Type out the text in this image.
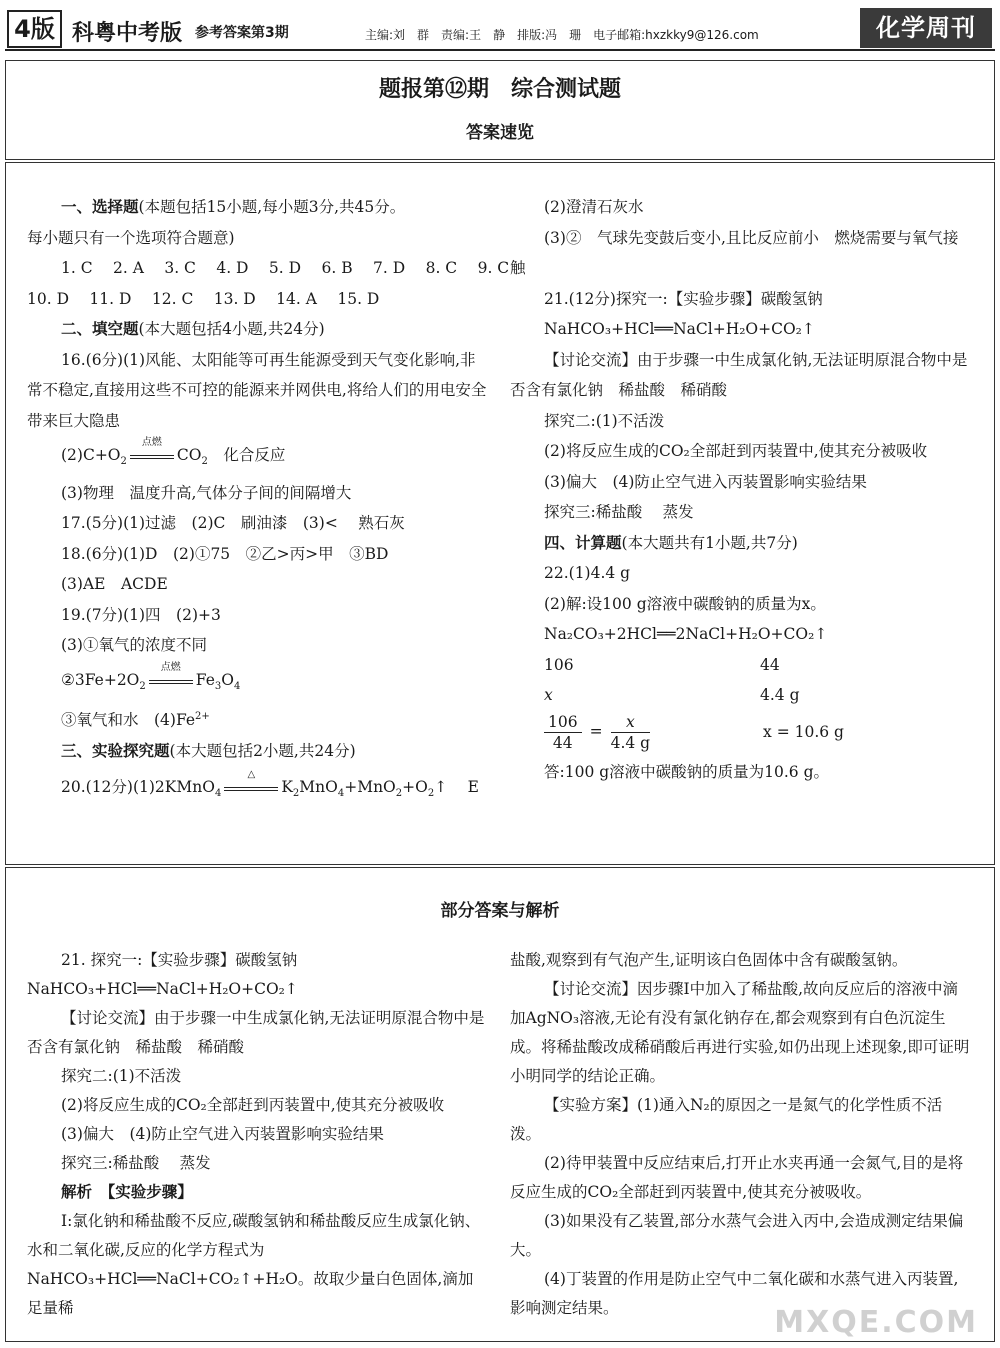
4版 科粤中考版 参考答案第3期	主编:刘　群　责编:王　静　排版:冯　珊　电子邮箱:hxzkky9@126.com	化学周刊
题报第⑫期　综合测试题
答案速览
一、选择题(本题包括15小题,每小题3分,共45分。
每小题只有一个选项符合题意)
1. C　 2. A　 3. C　 4. D　 5. D　 6. B　 7. D　 8. C　 9. C
10. D　 11. D　 12. C　 13. D　 14. A　 15. D
二、填空题(本大题包括4小题,共24分)
16.(6分)(1)风能、太阳能等可再生能源受到天气变化影响,非常不稳定,直接用这些不可控的能源来并网供电,将给人们的用电安全带来巨大隐患
$(2)C+O_2$
点燃
$CO_2$　化合反应
(3)物理　温度升高,气体分子间的间隔增大
17.(5分)(1)过滤　(2)C　刷油漆　(3)<　 熟石灰
18.(6分)(1)D　(2)①75　②乙>丙>甲　③BD
(3)AE　ACDE
19.(7分)(1)四　(2)+3
(3)①氧气的浓度不同
$②3Fe+2O_2$
点燃
$Fe_3O_4$
③氧气和水　$(4)Fe^{2+}$
三、实验探究题(本大题包括2小题,共24分)
20.(12分)(1)2KMnO$_4$
△
$K_2MnO_4+MnO_2+O_2↑$　 E
(2)澄清石灰水
(3)②　气球先变鼓后变小,且比反应前小　燃烧需要与氧气接触
21.(12分)探究一:【实验步骤】碳酸氢钠
NaHCO₃+HCl══NaCl+H₂O+CO₂↑
【讨论交流】由于步骤一中生成氯化钠,无法证明原混合物中是否含有氯化钠　稀盐酸　稀硝酸
探究二:(1)不活泼
(2)将反应生成的CO₂全部赶到丙装置中,使其充分被吸收
(3)偏大　(4)防止空气进入丙装置影响实验结果
探究三:稀盐酸　 蒸发
四、计算题(本大题共有1小题,共7分)
22.(1)4.4 g
(2)解:设100 g溶液中碳酸钠的质量为x。
Na₂CO₃+2HCl══2NaCl+H₂O+CO₂↑
106	44
x	4.4 g
$\frac{106}{44} = \frac{x}{4.4 g}$	x = 10.6 g
答:100 g溶液中碳酸钠的质量为10.6 g。
部分答案与解析
21. 探究一:【实验步骤】碳酸氢钠
NaHCO₃+HCl══NaCl+H₂O+CO₂↑
【讨论交流】由于步骤一中生成氯化钠,无法证明原混合物中是否含有氯化钠　稀盐酸　稀硝酸
探究二:(1)不活泼
(2)将反应生成的CO₂全部赶到丙装置中,使其充分被吸收
(3)偏大　(4)防止空气进入丙装置影响实验结果
探究三:稀盐酸　 蒸发
解析　【实验步骤】
Ⅰ:氯化钠和稀盐酸不反应,碳酸氢钠和稀盐酸反应生成氯化钠、水和二氧化碳,反应的化学方程式为NaHCO₃+HCl══NaCl+CO₂↑+H₂O。故取少量白色固体,滴加足量稀
盐酸,观察到有气泡产生,证明该白色固体中含有碳酸氢钠。
【讨论交流】因步骤Ⅰ中加入了稀盐酸,故向反应后的溶液中滴加AgNO₃溶液,无论有没有氯化钠存在,都会观察到有白色沉淀生成。将稀盐酸改成稀硝酸后再进行实验,如仍出现上述现象,即可证明小明同学的结论正确。
【实验方案】(1)通入N₂的原因之一是氮气的化学性质不活泼。
(2)待甲装置中反应结束后,打开止水夹再通一会氮气,目的是将反应生成的CO₂全部赶到丙装置中,使其充分被吸收。
(3)如果没有乙装置,部分水蒸气会进入丙中,会造成测定结果偏大。
(4)丁装置的作用是防止空气中二氧化碳和水蒸气进入丙装置,影响测定结果。	MXQE.COM
